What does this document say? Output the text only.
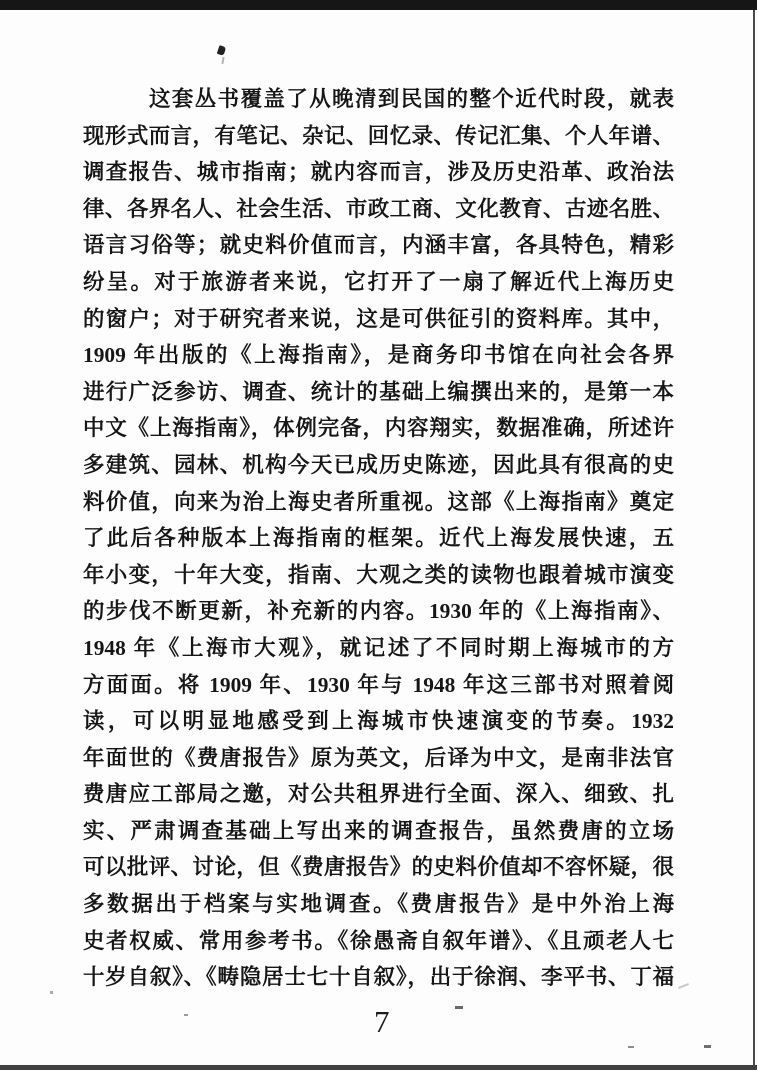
这套丛书覆盖了从晚清到民国的整个近代时段，就表
现形式而言，有笔记、杂记、回忆录、传记汇集、个人年谱、
调查报告、城市指南；就内容而言，涉及历史沿革、政治法
律、各界名人、社会生活、市政工商、文化教育、古迹名胜、
语言习俗等；就史料价值而言，内涵丰富，各具特色，精彩
纷呈。对于旅游者来说，它打开了一扇了解近代上海历史
的窗户；对于研究者来说，这是可供征引的资料库。其中，
1909 年出版的《上海指南》，是商务印书馆在向社会各界
进行广泛参访、调查、统计的基础上编撰出来的，是第一本
中文《上海指南》，体例完备，内容翔实，数据准确，所述许
多建筑、园林、机构今天已成历史陈迹，因此具有很高的史
料价值，向来为治上海史者所重视。这部《上海指南》奠定
了此后各种版本上海指南的框架。近代上海发展快速，五
年小变，十年大变，指南、大观之类的读物也跟着城市演变
的步伐不断更新，补充新的内容。1930 年的《上海指南》、
1948 年《上海市大观》，就记述了不同时期上海城市的方
方面面。将 1909 年、1930 年与 1948 年这三部书对照着阅
读，可以明显地感受到上海城市快速演变的节奏。1932
年面世的《费唐报告》原为英文，后译为中文，是南非法官
费唐应工部局之邀，对公共租界进行全面、深入、细致、扎
实、严肃调查基础上写出来的调查报告，虽然费唐的立场
可以批评、讨论，但《费唐报告》的史料价值却不容怀疑，很
多数据出于档案与实地调查。《费唐报告》是中外治上海
史者权威、常用参考书。《徐愚斋自叙年谱》、《且顽老人七
十岁自叙》、《畴隐居士七十自叙》，出于徐润、李平书、丁福
7
